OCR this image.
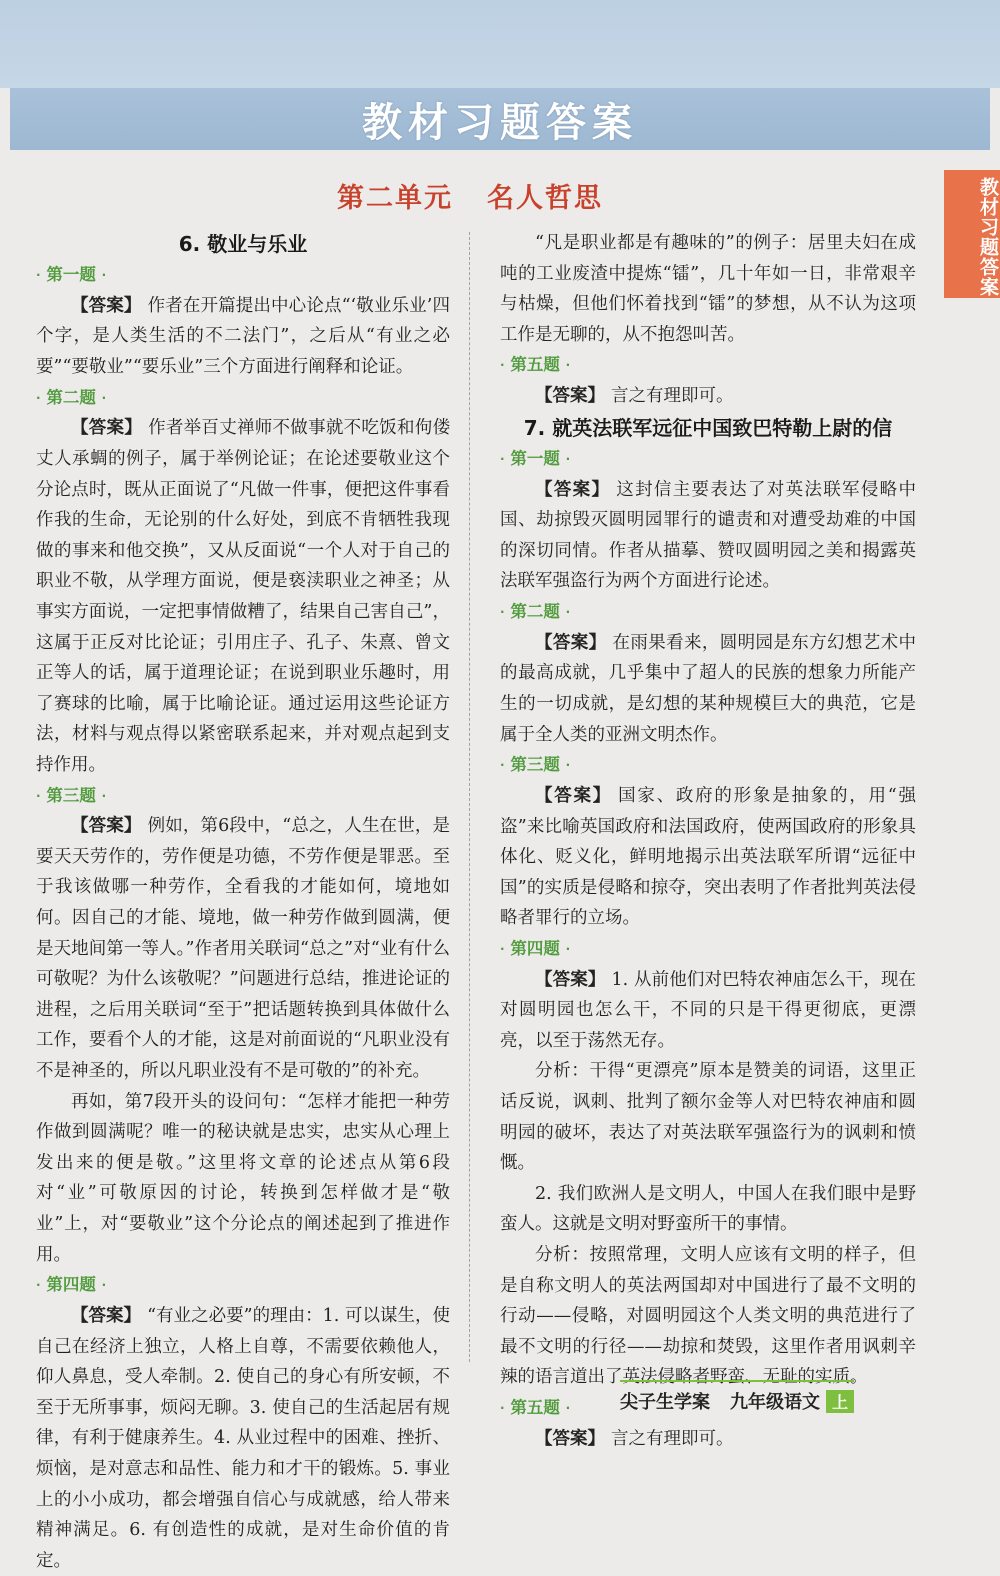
教材习题答案
教材习题答案
第二单元 名人哲思
6. 敬业与乐业
· 第一题 ·

【答案】 作者在开篇提出中心论点“‘敬业乐业’四个字，是人类生活的不二法门”，之后从“有业之必要”“要敬业”“要乐业”三个方面进行阐释和论证。

· 第二题 ·

【答案】 作者举百丈禅师不做事就不吃饭和佝偻丈人承蜩的例子，属于举例论证；在论述要敬业这个分论点时，既从正面说了“凡做一件事，便把这件事看作我的生命，无论别的什么好处，到底不肯牺牲我现做的事来和他交换”，又从反面说“一个人对于自己的职业不敬，从学理方面说，便是亵渎职业之神圣；从事实方面说，一定把事情做糟了，结果自己害自己”，这属于正反对比论证；引用庄子、孔子、朱熹、曾文正等人的话，属于道理论证；在说到职业乐趣时，用了赛球的比喻，属于比喻论证。通过运用这些论证方法，材料与观点得以紧密联系起来，并对观点起到支持作用。

· 第三题 ·

【答案】 例如，第6段中，“总之，人生在世，是要天天劳作的，劳作便是功德，不劳作便是罪恶。至于我该做哪一种劳作，全看我的才能如何，境地如何。因自己的才能、境地，做一种劳作做到圆满，便是天地间第一等人。”作者用关联词“总之”对“业有什么可敬呢？为什么该敬呢？”问题进行总结，推进论证的进程，之后用关联词“至于”把话题转换到具体做什么工作，要看个人的才能，这是对前面说的“凡职业没有不是神圣的，所以凡职业没有不是可敬的”的补充。

再如，第7段开头的设问句：“怎样才能把一种劳作做到圆满呢？唯一的秘诀就是忠实，忠实从心理上发出来的便是敬。”这里将文章的论述点从第6段对“业”可敬原因的讨论，转换到怎样做才是“敬业”上，对“要敬业”这个分论点的阐述起到了推进作用。

· 第四题 ·

【答案】 “有业之必要”的理由：1. 可以谋生，使自己在经济上独立，人格上自尊，不需要依赖他人，仰人鼻息，受人牵制。2. 使自己的身心有所安顿，不至于无所事事，烦闷无聊。3. 使自己的生活起居有规律，有利于健康养生。4. 从业过程中的困难、挫折、烦恼，是对意志和品性、能力和才干的锻炼。5. 事业上的小小成功，都会增强自信心与成就感，给人带来精神满足。6. 有创造性的成就，是对生命价值的肯定。

“凡是职业都是有趣味的”的例子：居里夫妇在成吨的工业废渣中提炼“镭”，几十年如一日，非常艰辛与枯燥，但他们怀着找到“镭”的梦想，从不认为这项工作是无聊的，从不抱怨叫苦。

· 第五题 ·

【答案】 言之有理即可。

7. 就英法联军远征中国致巴特勒上尉的信
· 第一题 ·

【答案】 这封信主要表达了对英法联军侵略中国、劫掠毁灭圆明园罪行的谴责和对遭受劫难的中国的深切同情。作者从描摹、赞叹圆明园之美和揭露英法联军强盗行为两个方面进行论述。

· 第二题 ·

【答案】 在雨果看来，圆明园是东方幻想艺术中的最高成就，几乎集中了超人的民族的想象力所能产生的一切成就，是幻想的某种规模巨大的典范，它是属于全人类的亚洲文明杰作。

· 第三题 ·

【答案】 国家、政府的形象是抽象的，用“强盗”来比喻英国政府和法国政府，使两国政府的形象具体化、贬义化，鲜明地揭示出英法联军所谓“远征中国”的实质是侵略和掠夺，突出表明了作者批判英法侵略者罪行的立场。

· 第四题 ·

【答案】 1. 从前他们对巴特农神庙怎么干，现在对圆明园也怎么干，不同的只是干得更彻底，更漂亮，以至于荡然无存。

分析：干得“更漂亮”原本是赞美的词语，这里正话反说，讽刺、批判了额尔金等人对巴特农神庙和圆明园的破坏，表达了对英法联军强盗行为的讽刺和愤慨。

2. 我们欧洲人是文明人，中国人在我们眼中是野蛮人。这就是文明对野蛮所干的事情。

分析：按照常理，文明人应该有文明的样子，但是自称文明人的英法两国却对中国进行了最不文明的行动——侵略，对圆明园这个人类文明的典范进行了最不文明的行径——劫掠和焚毁，这里作者用讽刺辛辣的语言道出了英法侵略者野蛮、无耻的实质。

· 第五题 ·

【答案】 言之有理即可。

尖子生学案 九年级语文 上
